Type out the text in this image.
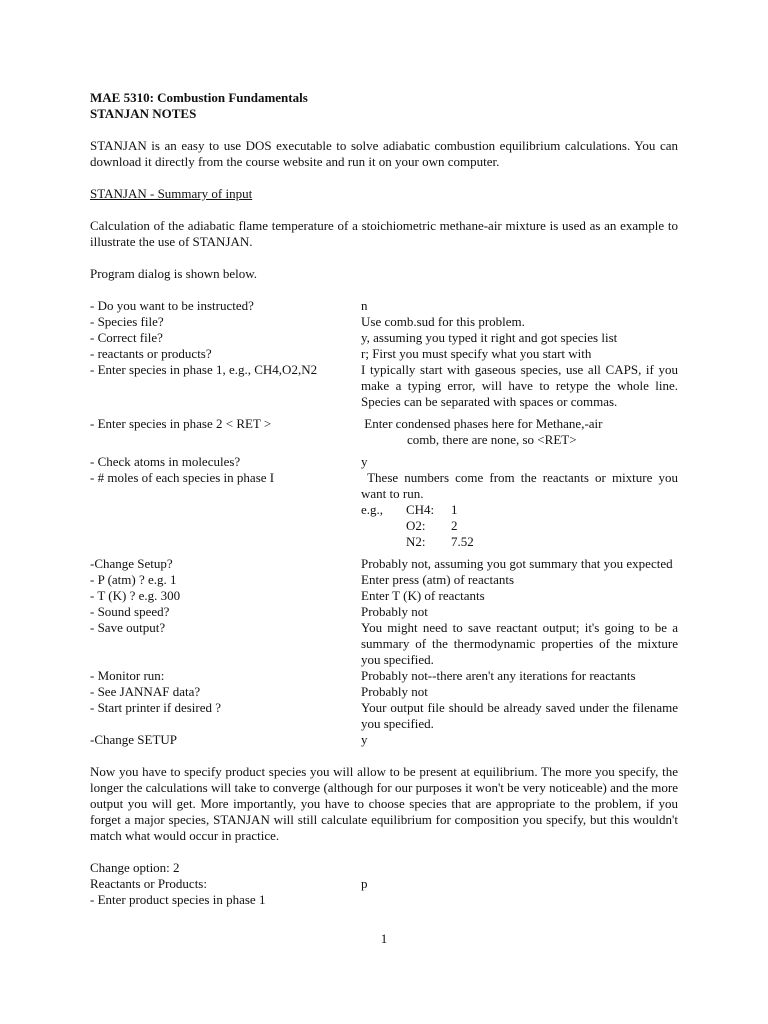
MAE 5310: Combustion Fundamentals
STANJAN NOTES

STANJAN is an easy to use DOS executable to solve adiabatic combustion equilibrium calculations. You can download it directly from the course website and run it on your own computer.

STANJAN - Summary of input

Calculation of the adiabatic flame temperature of a stoichiometric methane-air mixture is used as an example to illustrate the use of STANJAN.

Program dialog is shown below.
- Do you want to be instructed?	n
- Species file?	Use comb.sud for this problem.
- Correct file?	y, assuming you typed it right and got species list
- reactants or products?	r; First you must specify what you start with
- Enter species in phase 1, e.g., CH4,O2,N2	I typically start with gaseous species, use all CAPS, if you make a typing error, will have to retype the whole line. Species can be separated with spaces or commas.
- Enter species in phase 2 < RET >	Enter condensed phases here for Methane,-air
comb, there are none, so <RET>
- Check atoms in molecules?	y
- # moles of each species in phase I	These numbers come from the reactants or mixture you want to run.
e.g.,	CH4:	1
O2:	2
N2:	7.52
-Change Setup?	Probably not, assuming you got summary that you expected
- P (atm) ? e.g. 1	Enter press (atm) of reactants
- T (K) ? e.g. 300	Enter T (K) of reactants
- Sound speed?	Probably not
- Save output?	You might need to save reactant output; it's going to be a summary of the thermodynamic properties of the mixture you specified.
- Monitor run:	Probably not--there aren't any iterations for reactants
- See JANNAF data?	Probably not
- Start printer if desired ?	Your output file should be already saved under the filename you specified.
-Change SETUP	y

Now you have to specify product species you will allow to be present at equilibrium. The more you specify, the longer the calculations will take to converge (although for our purposes it won't be very noticeable) and the more output you will get. More importantly, you have to choose species that are appropriate to the problem, if you forget a major species, STANJAN will still calculate equilibrium for composition you specify, but this wouldn't match what would occur in practice.

Change option: 2
Reactants or Products:	p
- Enter product species in phase 1
1
